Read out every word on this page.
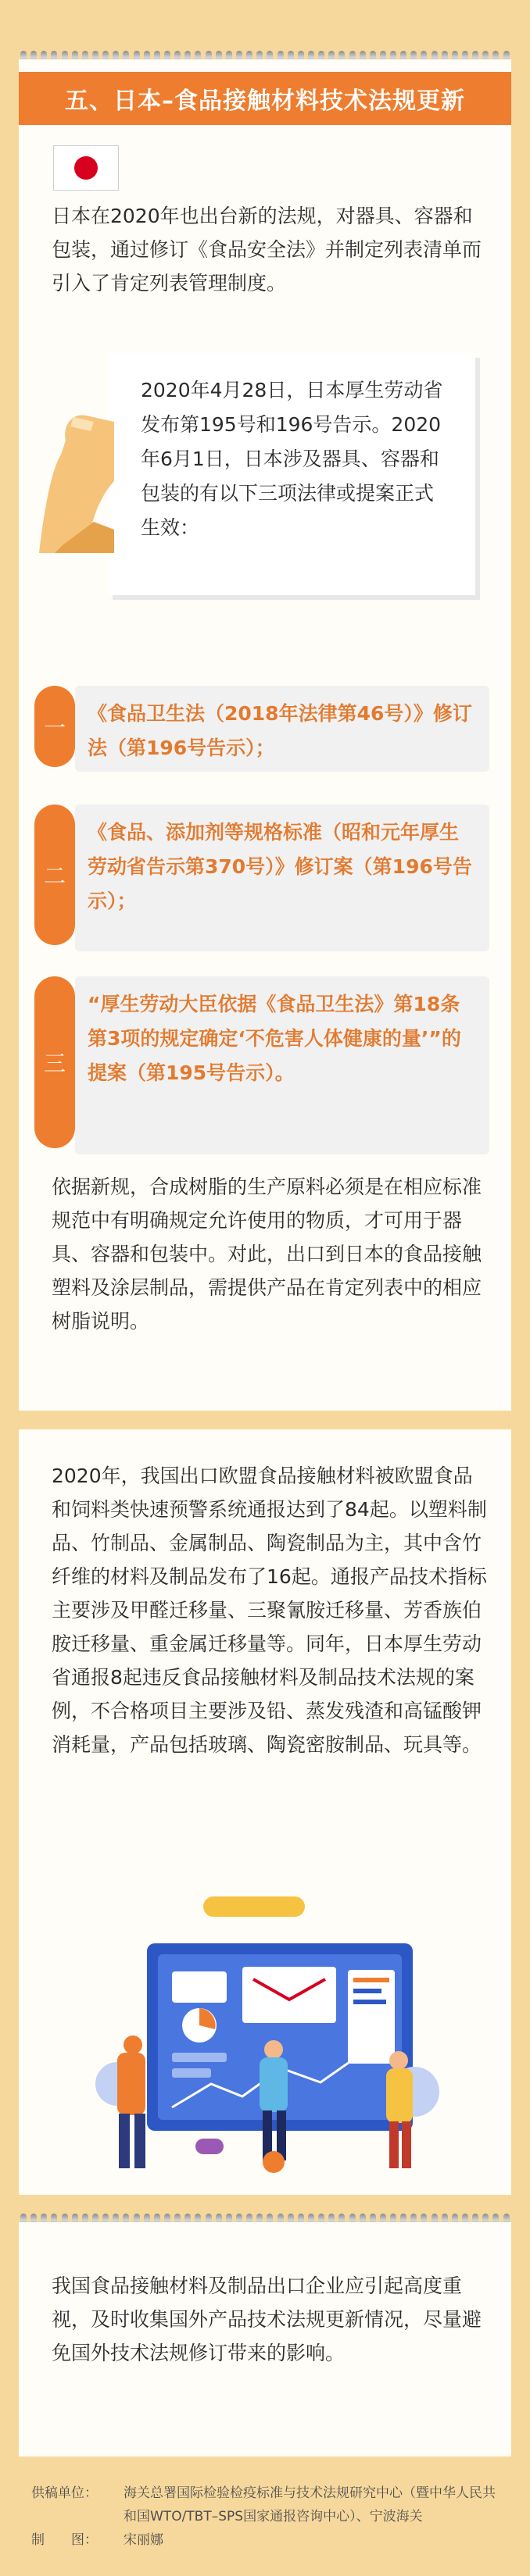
五、日本–食品接触材料技术法规更新
日本在2020年也出台新的法规，对器具、容器和包装，通过修订《食品安全法》并制定列表清单而引入了肯定列表管理制度。
2020年4月28日，日本厚生劳动省发布第195号和196号告示。2020年6月1日，日本涉及器具、容器和包装的有以下三项法律或提案正式生效：
一
《食品卫生法（2018年法律第46号）》修订法（第196号告示）；
二
《食品、添加剂等规格标准（昭和元年厚生劳动省告示第370号）》修订案（第196号告示）；
三
“厚生劳动大臣依据《食品卫生法》第18条第3项的规定确定‘不危害人体健康的量’”的提案（第195号告示）。
依据新规，合成树脂的生产原料必须是在相应标准规范中有明确规定允许使用的物质，才可用于器具、容器和包装中。对此，出口到日本的食品接触塑料及涂层制品，需提供产品在肯定列表中的相应树脂说明。
2020年，我国出口欧盟食品接触材料被欧盟食品和饲料类快速预警系统通报达到了84起。以塑料制品、竹制品、金属制品、陶瓷制品为主，其中含竹纤维的材料及制品发布了16起。通报产品技术指标主要涉及甲醛迁移量、三聚氰胺迁移量、芳香族伯胺迁移量、重金属迁移量等。同年，日本厚生劳动省通报8起违反食品接触材料及制品技术法规的案例，不合格项目主要涉及铅、蒸发残渣和高锰酸钾消耗量，产品包括玻璃、陶瓷密胺制品、玩具等。
我国食品接触材料及制品出口企业应引起高度重视，及时收集国外产品技术法规更新情况，尽量避免国外技术法规修订带来的影响。
供稿单位：	海关总署国际检验检疫标准与技术法规研究中心（暨中华人民共和国WTO/TBT–SPS国家通报咨询中心）、宁波海关
制　　图：	宋丽娜
